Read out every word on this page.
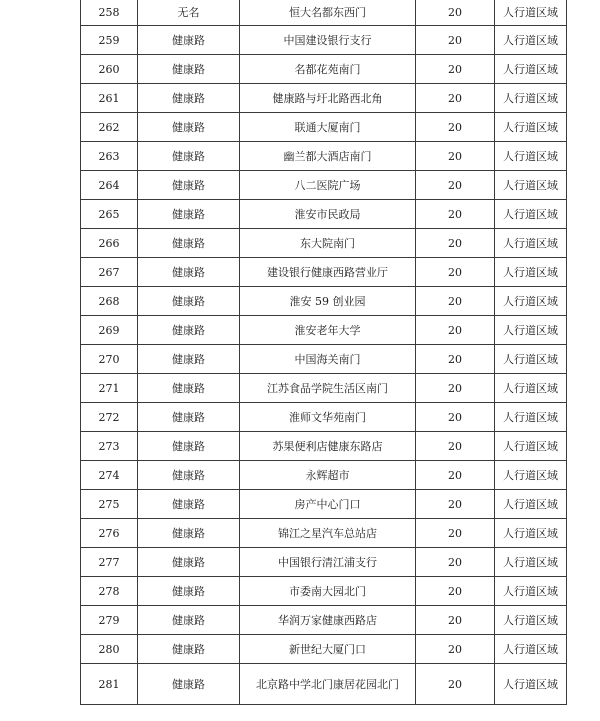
258	无名	恒大名都东西门	20	人行道区域
259	健康路	中国建设银行支行	20	人行道区域
260	健康路	名都花苑南门	20	人行道区域
261	健康路	健康路与圩北路西北角	20	人行道区域
262	健康路	联通大厦南门	20	人行道区域
263	健康路	幽兰都大酒店南门	20	人行道区域
264	健康路	八二医院广场	20	人行道区域
265	健康路	淮安市民政局	20	人行道区域
266	健康路	东大院南门	20	人行道区域
267	健康路	建设银行健康西路营业厅	20	人行道区域
268	健康路	淮安 59 创业园	20	人行道区域
269	健康路	淮安老年大学	20	人行道区域
270	健康路	中国海关南门	20	人行道区域
271	健康路	江苏食品学院生活区南门	20	人行道区域
272	健康路	淮师文华苑南门	20	人行道区域
273	健康路	苏果便利店健康东路店	20	人行道区域
274	健康路	永辉超市	20	人行道区域
275	健康路	房产中心门口	20	人行道区域
276	健康路	锦江之星汽车总站店	20	人行道区域
277	健康路	中国银行清江浦支行	20	人行道区域
278	健康路	市委南大园北门	20	人行道区域
279	健康路	华润万家健康西路店	20	人行道区域
280	健康路	新世纪大厦门口	20	人行道区域
281	健康路	北京路中学北门康居花园北门	20	人行道区域
